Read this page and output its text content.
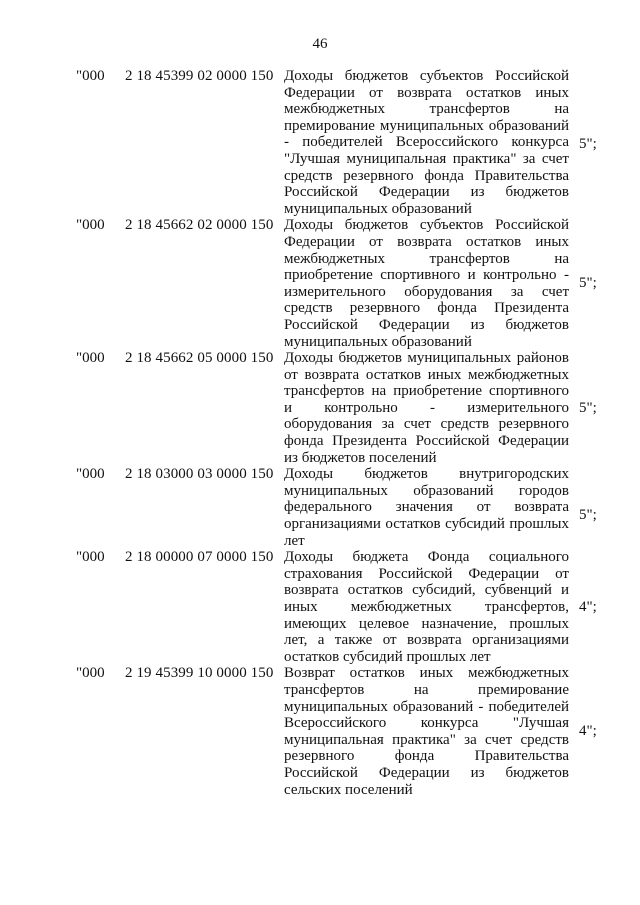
46
"000 2 18 45399 02 0000 150 Доходы бюджетов субъектов Российской Федерации от возврата остатков иных межбюджетных трансфертов на премирование муниципальных образований - победителей Всероссийского конкурса "Лучшая муниципальная практика" за счет средств резервного фонда Правительства Российской Федерации из бюджетов муниципальных образований
5";
"000 2 18 45662 02 0000 150 Доходы бюджетов субъектов Российской Федерации от возврата остатков иных межбюджетных трансфертов на приобретение спортивного и контрольно - измерительного оборудования за счет средств резервного фонда Президента Российской Федерации из бюджетов муниципальных образований
5";
"000 2 18 45662 05 0000 150 Доходы бюджетов муниципальных районов от возврата остатков иных межбюджетных трансфертов на приобретение спортивного и контрольно - измерительного оборудования за счет средств резервного фонда Президента Российской Федерации из бюджетов поселений
5";
"000 2 18 03000 03 0000 150 Доходы бюджетов внутригородских муниципальных образований городов федерального значения от возврата организациями остатков субсидий прошлых лет
5";
"000 2 18 00000 07 0000 150 Доходы бюджета Фонда социального страхования Российской Федерации от возврата остатков субсидий, субвенций и иных межбюджетных трансфертов, имеющих целевое назначение, прошлых лет, а также от возврата организациями остатков субсидий прошлых лет
4";
"000 2 19 45399 10 0000 150 Возврат остатков иных межбюджетных трансфертов на премирование муниципальных образований - победителей Всероссийского конкурса "Лучшая муниципальная практика" за счет средств резервного фонда Правительства Российской Федерации из бюджетов сельских поселений
4";
